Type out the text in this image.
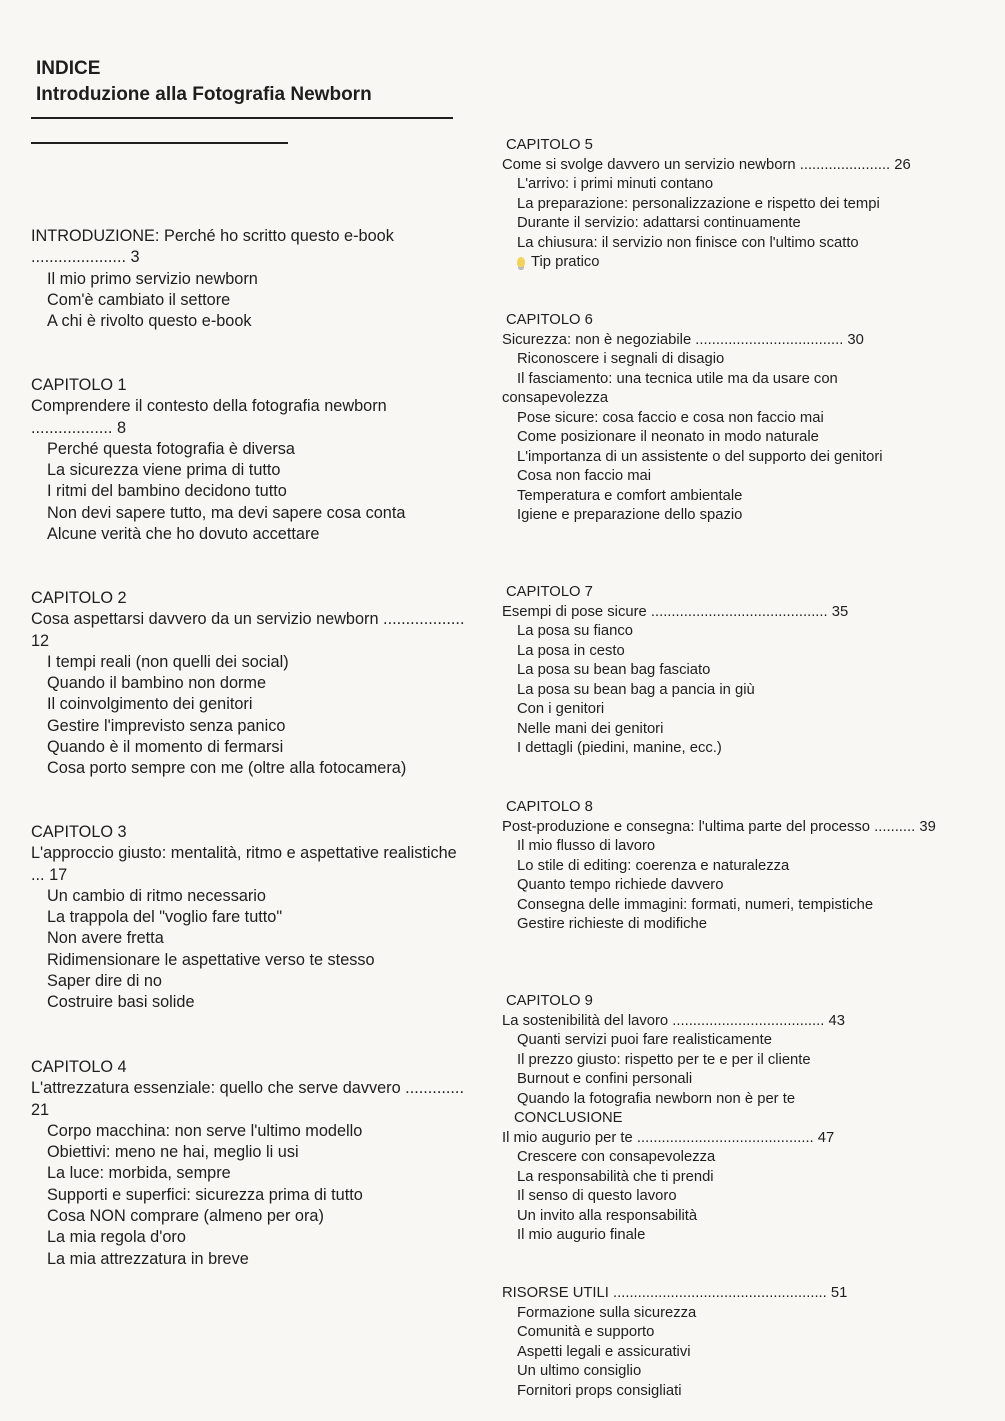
INDICE
Introduzione alla Fotografia Newborn
INTRODUZIONE: Perché ho scritto questo e-book
..................... 3
Il mio primo servizio newborn
Com'è cambiato il settore
A chi è rivolto questo e-book
CAPITOLO 1
Comprendere il contesto della fotografia newborn
.................. 8
Perché questa fotografia è diversa
La sicurezza viene prima di tutto
I ritmi del bambino decidono tutto
Non devi sapere tutto, ma devi sapere cosa conta
Alcune verità che ho dovuto accettare
CAPITOLO 2
Cosa aspettarsi davvero da un servizio newborn ..................
12
I tempi reali (non quelli dei social)
Quando il bambino non dorme
Il coinvolgimento dei genitori
Gestire l'imprevisto senza panico
Quando è il momento di fermarsi
Cosa porto sempre con me (oltre alla fotocamera)
CAPITOLO 3
L'approccio giusto: mentalità, ritmo e aspettative realistiche
... 17
Un cambio di ritmo necessario
La trappola del "voglio fare tutto"
Non avere fretta
Ridimensionare le aspettative verso te stesso
Saper dire di no
Costruire basi solide
CAPITOLO 4
L'attrezzatura essenziale: quello che serve davvero .............
21
Corpo macchina: non serve l'ultimo modello
Obiettivi: meno ne hai, meglio li usi
La luce: morbida, sempre
Supporti e superfici: sicurezza prima di tutto
Cosa NON comprare (almeno per ora)
La mia regola d'oro
La mia attrezzatura in breve
CAPITOLO 5
Come si svolge davvero un servizio newborn ...................... 26
L'arrivo: i primi minuti contano
La preparazione: personalizzazione e rispetto dei tempi
Durante il servizio: adattarsi continuamente
La chiusura: il servizio non finisce con l'ultimo scatto
Tip pratico
CAPITOLO 6
Sicurezza: non è negoziabile .................................... 30
Riconoscere i segnali di disagio
Il fasciamento: una tecnica utile ma da usare con
consapevolezza
Pose sicure: cosa faccio e cosa non faccio mai
Come posizionare il neonato in modo naturale
L'importanza di un assistente o del supporto dei genitori
Cosa non faccio mai
Temperatura e comfort ambientale
Igiene e preparazione dello spazio
CAPITOLO 7
Esempi di pose sicure ........................................... 35
La posa su fianco
La posa in cesto
La posa su bean bag fasciato
La posa su bean bag a pancia in giù
Con i genitori
Nelle mani dei genitori
I dettagli (piedini, manine, ecc.)
CAPITOLO 8
Post-produzione e consegna: l'ultima parte del processo .......... 39
Il mio flusso di lavoro
Lo stile di editing: coerenza e naturalezza
Quanto tempo richiede davvero
Consegna delle immagini: formati, numeri, tempistiche
Gestire richieste di modifiche
CAPITOLO 9
La sostenibilità del lavoro ..................................... 43
Quanti servizi puoi fare realisticamente
Il prezzo giusto: rispetto per te e per il cliente
Burnout e confini personali
Quando la fotografia newborn non è per te
CONCLUSIONE
Il mio augurio per te ........................................... 47
Crescere con consapevolezza
La responsabilità che ti prendi
Il senso di questo lavoro
Un invito alla responsabilità
Il mio augurio finale
RISORSE UTILI .................................................... 51
Formazione sulla sicurezza
Comunità e supporto
Aspetti legali e assicurativi
Un ultimo consiglio
Fornitori props consigliati
